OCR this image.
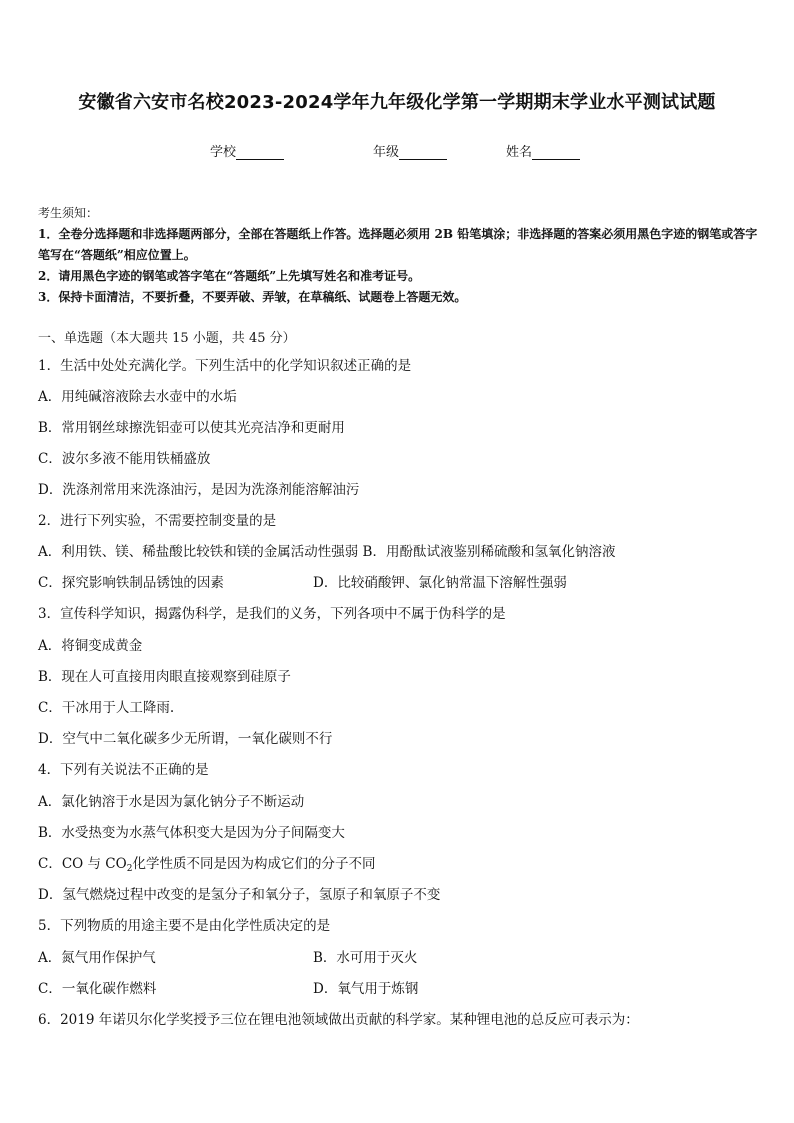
安徽省六安市名校2023-2024学年九年级化学第一学期期末学业水平测试试题
学校	年级	姓名
考生须知：
1．全卷分选择题和非选择题两部分，全部在答题纸上作答。选择题必须用 2B 铅笔填涂；非选择题的答案必须用黑色字迹的钢笔或答字笔写在“答题纸”相应位置上。
2．请用黑色字迹的钢笔或答字笔在“答题纸”上先填写姓名和准考证号。
3．保持卡面清洁，不要折叠，不要弄破、弄皱，在草稿纸、试题卷上答题无效。
一、单选题（本大题共 15 小题，共 45 分）
1．生活中处处充满化学。下列生活中的化学知识叙述正确的是
A．用纯碱溶液除去水壶中的水垢
B．常用钢丝球擦洗铝壶可以使其光亮洁净和更耐用
C．波尔多液不能用铁桶盛放
D．洗涤剂常用来洗涤油污，是因为洗涤剂能溶解油污
2．进行下列实验，不需要控制变量的是
A．利用铁、镁、稀盐酸比较铁和镁的金属活动性强弱 B．用酚酞试液鉴别稀硫酸和氢氧化钠溶液
C．探究影响铁制品锈蚀的因素	D．比较硝酸钾、氯化钠常温下溶解性强弱
3．宣传科学知识，揭露伪科学，是我们的义务，下列各项中不属于伪科学的是
A．将铜变成黄金
B．现在人可直接用肉眼直接观察到硅原子
C．干冰用于人工降雨.
D．空气中二氧化碳多少无所谓，一氧化碳则不行
4．下列有关说法不正确的是
A．氯化钠溶于水是因为氯化钠分子不断运动
B．水受热变为水蒸气体积变大是因为分子间隔变大
C．CO 与 $CO_2$化学性质不同是因为构成它们的分子不同
D．氢气燃烧过程中改变的是氢分子和氧分子，氢原子和氧原子不变
5．下列物质的用途主要不是由化学性质决定的是
A．氮气用作保护气	B．水可用于灭火
C．一氧化碳作燃料	D．氧气用于炼钢
6．2019 年诺贝尔化学奖授予三位在锂电池领域做出贡献的科学家。某种锂电池的总反应可表示为：
